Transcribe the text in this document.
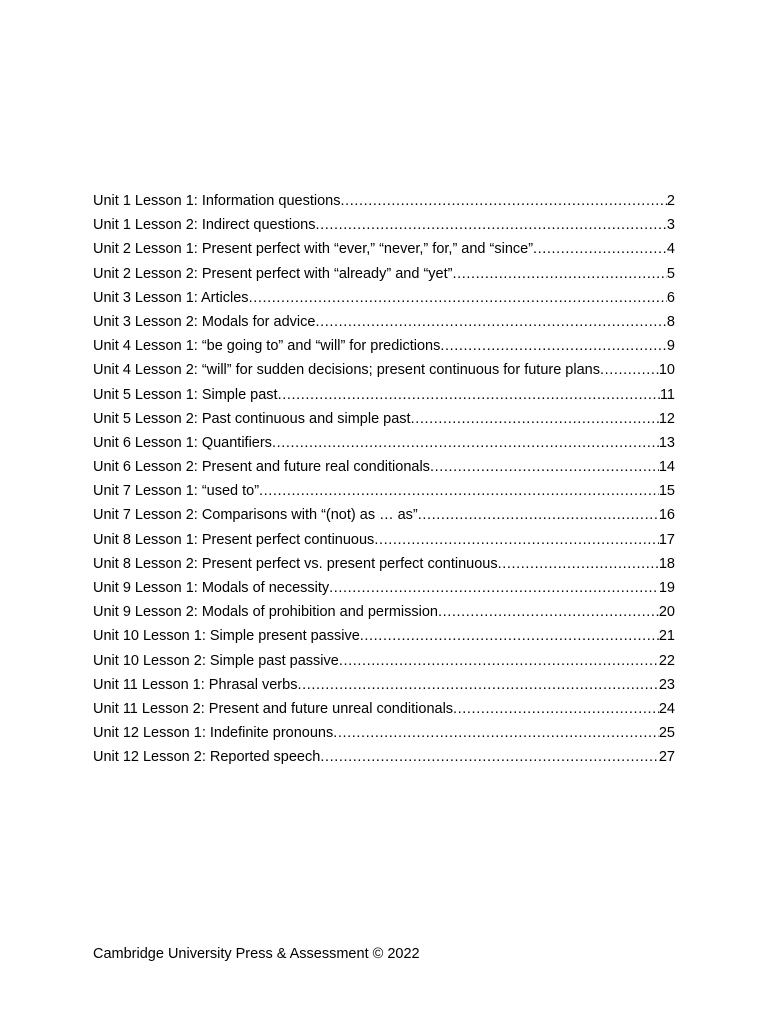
Unit 1 Lesson 1: Information questions .....	2
Unit 1 Lesson 2: Indirect questions .....	3
Unit 2 Lesson 1: Present perfect with “ever,” “never,” for,” and “since” .....	4
Unit 2 Lesson 2: Present perfect with “already” and “yet” .....	5
Unit 3 Lesson 1: Articles .....	6
Unit 3 Lesson 2: Modals for advice .....	8
Unit 4 Lesson 1: “be going to” and “will” for predictions .....	9
Unit 4 Lesson 2: “will” for sudden decisions; present continuous for future plans .....	10
Unit 5 Lesson 1: Simple past .....	11
Unit 5 Lesson 2: Past continuous and simple past .....	12
Unit 6 Lesson 1: Quantifiers .....	13
Unit 6 Lesson 2: Present and future real conditionals .....	14
Unit 7 Lesson 1: “used to” .....	15
Unit 7 Lesson 2: Comparisons with “(not) as … as” .....	16
Unit 8 Lesson 1: Present perfect continuous .....	17
Unit 8 Lesson 2: Present perfect vs. present perfect continuous .....	18
Unit 9 Lesson 1: Modals of necessity .....	19
Unit 9 Lesson 2: Modals of prohibition and permission .....	20
Unit 10 Lesson 1: Simple present passive .....	21
Unit 10 Lesson 2: Simple past passive .....	22
Unit 11 Lesson 1: Phrasal verbs .....	23
Unit 11 Lesson 2: Present and future unreal conditionals .....	24
Unit 12 Lesson 1: Indefinite pronouns .....	25
Unit 12 Lesson 2: Reported speech .....	27
Cambridge University Press & Assessment © 2022
